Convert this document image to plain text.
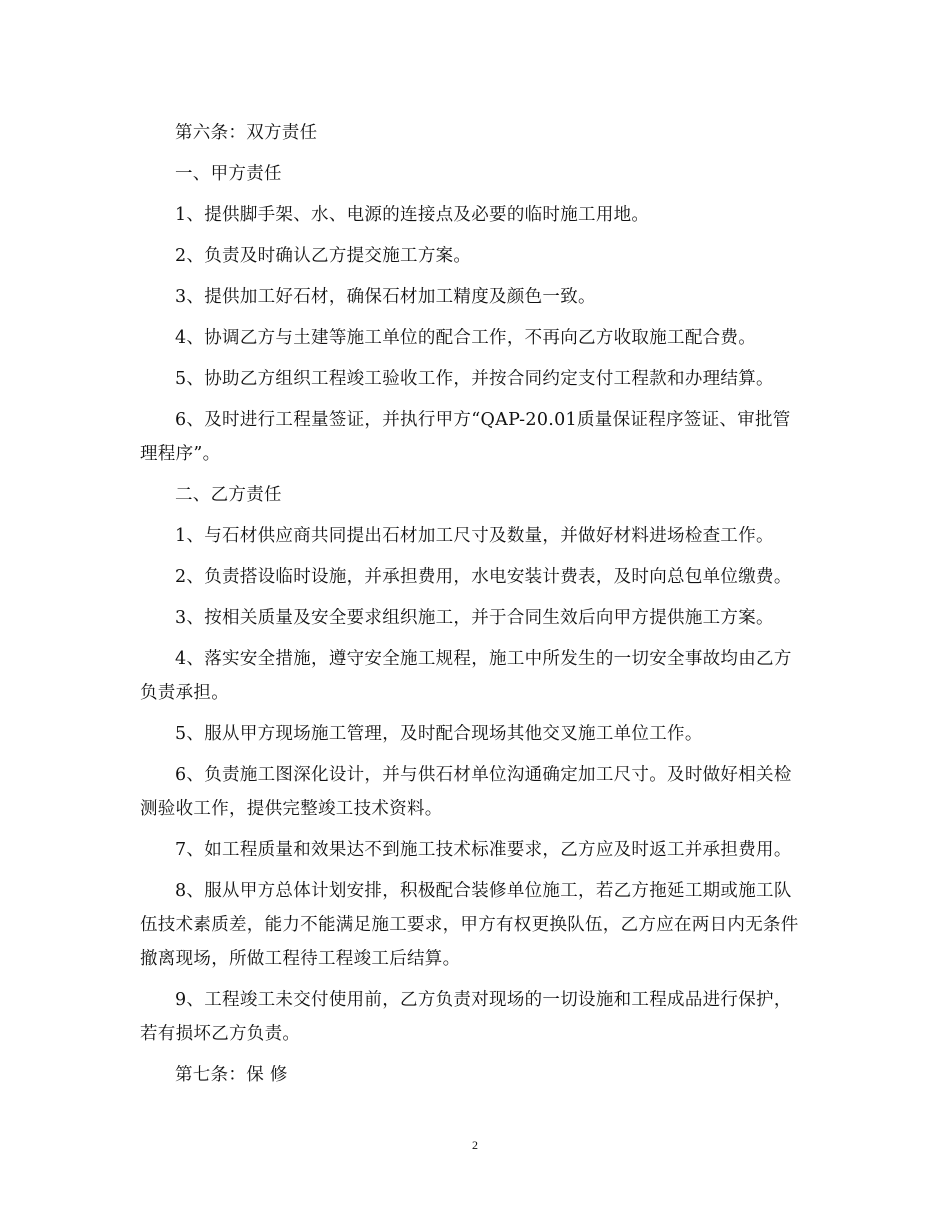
第六条：双方责任

一、甲方责任

1、提供脚手架、水、电源的连接点及必要的临时施工用地。

2、负责及时确认乙方提交施工方案。

3、提供加工好石材，确保石材加工精度及颜色一致。

4、协调乙方与土建等施工单位的配合工作，不再向乙方收取施工配合费。

5、协助乙方组织工程竣工验收工作，并按合同约定支付工程款和办理结算。

6、及时进行工程量签证，并执行甲方“QAP-20.01质量保证程序签证、审批管理程序”。

二、乙方责任

1、与石材供应商共同提出石材加工尺寸及数量，并做好材料进场检查工作。

2、负责搭设临时设施，并承担费用，水电安装计费表，及时向总包单位缴费。

3、按相关质量及安全要求组织施工，并于合同生效后向甲方提供施工方案。

4、落实安全措施，遵守安全施工规程，施工中所发生的一切安全事故均由乙方负责承担。

5、服从甲方现场施工管理，及时配合现场其他交叉施工单位工作。

6、负责施工图深化设计，并与供石材单位沟通确定加工尺寸。及时做好相关检测验收工作，提供完整竣工技术资料。

7、如工程质量和效果达不到施工技术标准要求，乙方应及时返工并承担费用。

8、服从甲方总体计划安排，积极配合装修单位施工，若乙方拖延工期或施工队伍技术素质差，能力不能满足施工要求，甲方有权更换队伍，乙方应在两日内无条件撤离现场，所做工程待工程竣工后结算。

9、工程竣工未交付使用前，乙方负责对现场的一切设施和工程成品进行保护，若有损坏乙方负责。

第七条：保 修

2
